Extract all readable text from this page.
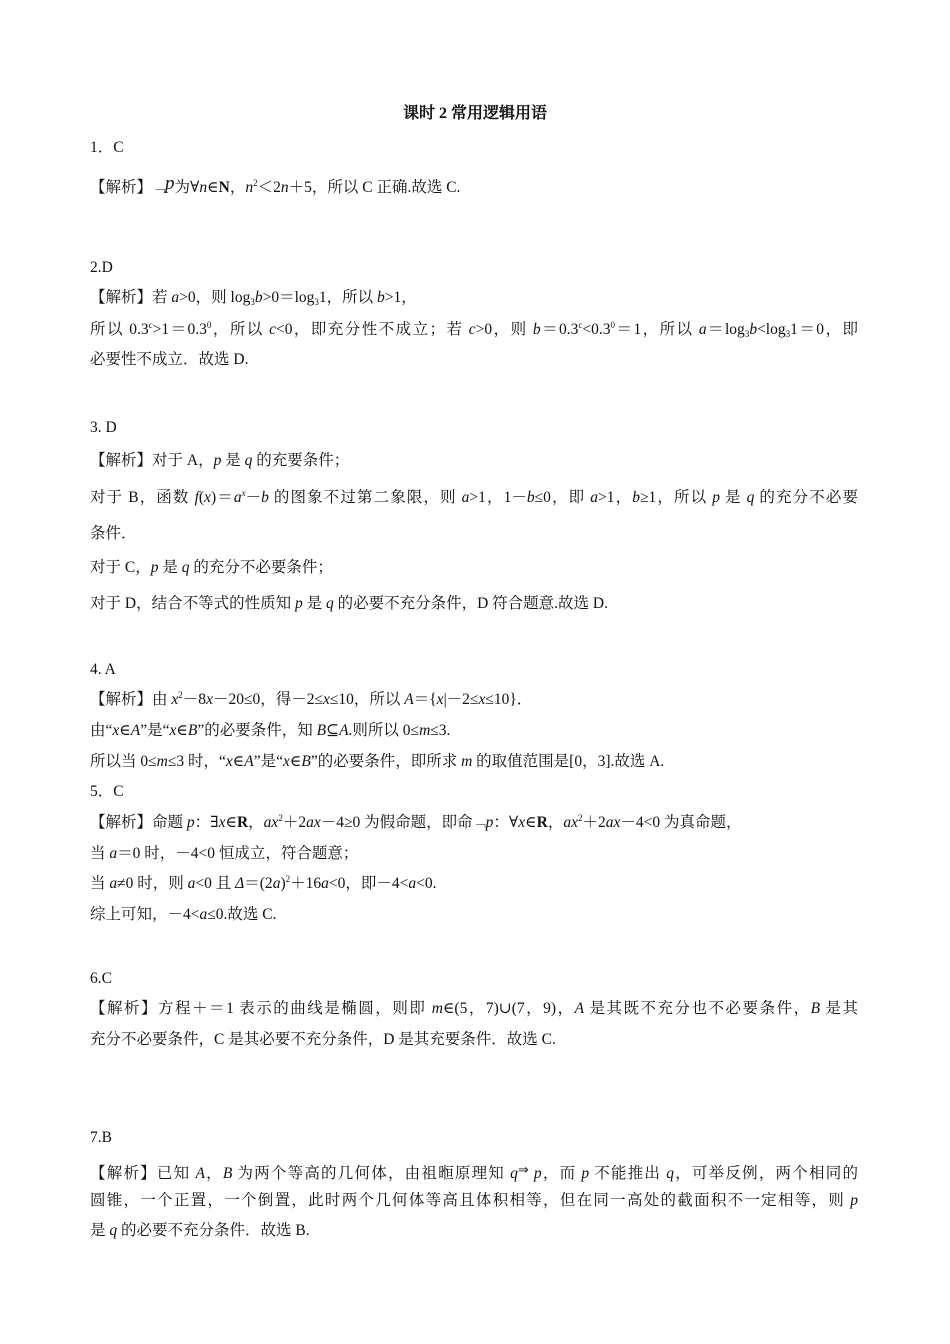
课时 2 常用逻辑用语
1．C
【解析】﹁p为∀n∈N，$n^2<2n+5$，所以 C 正确.故选 C.
2.D
【解析】若 a>0，则 $\log_3b>0=\log_31$，所以 b>1，
所以 $0.3^c>1=0.3^0$，所以 c<0，即充分性不成立；若 c>0，则 $b=0.3^c<0.3^0=1$，所以 $a=\log_3b<\log_31=0$，即
必要性不成立．故选 D.
3. D
【解析】对于 A，p 是 q 的充要条件；
对于 B，函数 $f(x)=a^x-b$ 的图象不过第二象限，则 a>1，1－b≤0，即 a>1，b≥1，所以 p 是 q 的充分不必要
条件．
对于 C，p 是 q 的充分不必要条件；
对于 D，结合不等式的性质知 p 是 q 的必要不充分条件，D 符合题意.故选 D.
4. A
【解析】由 $x^2-8x-20\le 0$，得－2≤x≤10，所以 A＝{x|－2≤x≤10}．
由“x∈A”是“x∈B”的必要条件，知 B⊆A.则所以 0≤m≤3.
所以当 0≤m≤3 时，“x∈A”是“x∈B”的必要条件，即所求 m 的取值范围是[0，3].故选 A.
5．C
【解析】命题 p：∃x∈R，$ax^2+2ax-4\ge 0$ 为假命题，即命﹁p：∀x∈R，$ax^2+2ax-4<0$ 为真命题，
当 a＝0 时，－4<0 恒成立，符合题意；
当 a≠0 时，则 a<0 且 $\Delta=(2a)^2+16a<0$，即－4<a<0.
综上可知，－4<a≤0.故选 C.
6.C
【解析】方程＋＝1 表示的曲线是椭圆，则即 m∈(5，7)∪(7，9)，A 是其既不充分也不必要条件，B 是其
充分不必要条件，C 是其必要不充分条件，D 是其充要条件．故选 C.
7.B
【解析】已知 A，B 为两个等高的几何体，由祖暅原理知 q⇒ p，而 p 不能推出 q，可举反例，两个相同的
圆锥，一个正置，一个倒置，此时两个几何体等高且体积相等，但在同一高处的截面积不一定相等，则 p
是 q 的必要不充分条件．故选 B.
